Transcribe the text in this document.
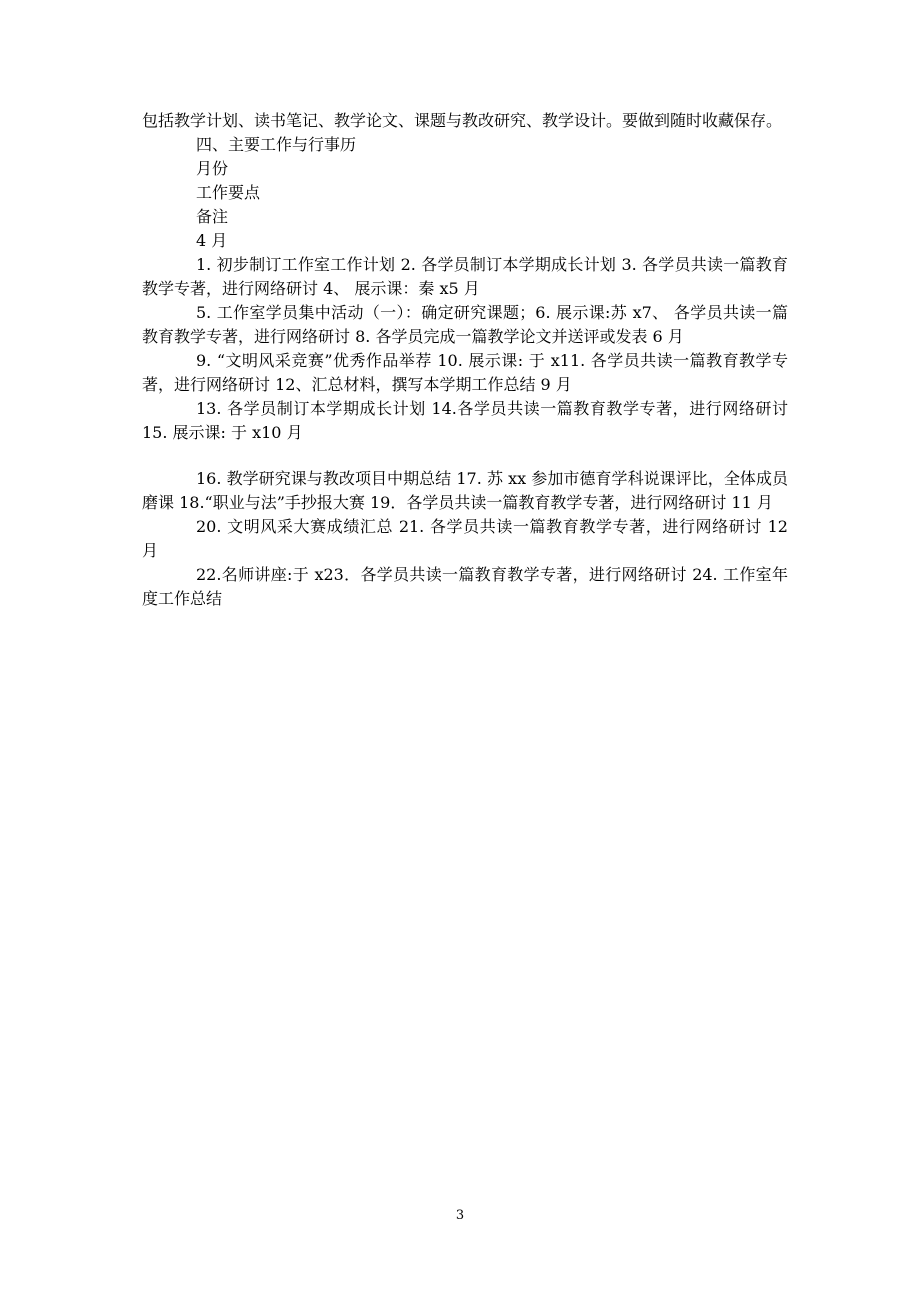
包括教学计划、读书笔记、教学论文、课题与教改研究、教学设计。要做到随时收藏保存。

四、主要工作与行事历

月份

工作要点

备注

4 月

1. 初步制订工作室工作计划 2. 各学员制订本学期成长计划 3. 各学员共读一篇教育教学专著，进行网络研讨 4、 展示课：秦 x5 月

5. 工作室学员集中活动（一）：确定研究课题；6. 展示课:苏 x7、 各学员共读一篇教育教学专著，进行网络研讨 8. 各学员完成一篇教学论文并送评或发表 6 月

9. “文明风采竞赛”优秀作品举荐 10. 展示课: 于 x11. 各学员共读一篇教育教学专著，进行网络研讨 12、汇总材料，撰写本学期工作总结 9 月

13. 各学员制订本学期成长计划 14.各学员共读一篇教育教学专著，进行网络研讨 15. 展示课: 于 x10 月

16. 教学研究课与教改项目中期总结 17. 苏 xx 参加市德育学科说课评比，全体成员磨课 18.“职业与法”手抄报大赛 19．各学员共读一篇教育教学专著，进行网络研讨 11 月

20. 文明风采大赛成绩汇总 21. 各学员共读一篇教育教学专著，进行网络研讨 12 月

22.名师讲座:于 x23．各学员共读一篇教育教学专著，进行网络研讨 24. 工作室年度工作总结

3
